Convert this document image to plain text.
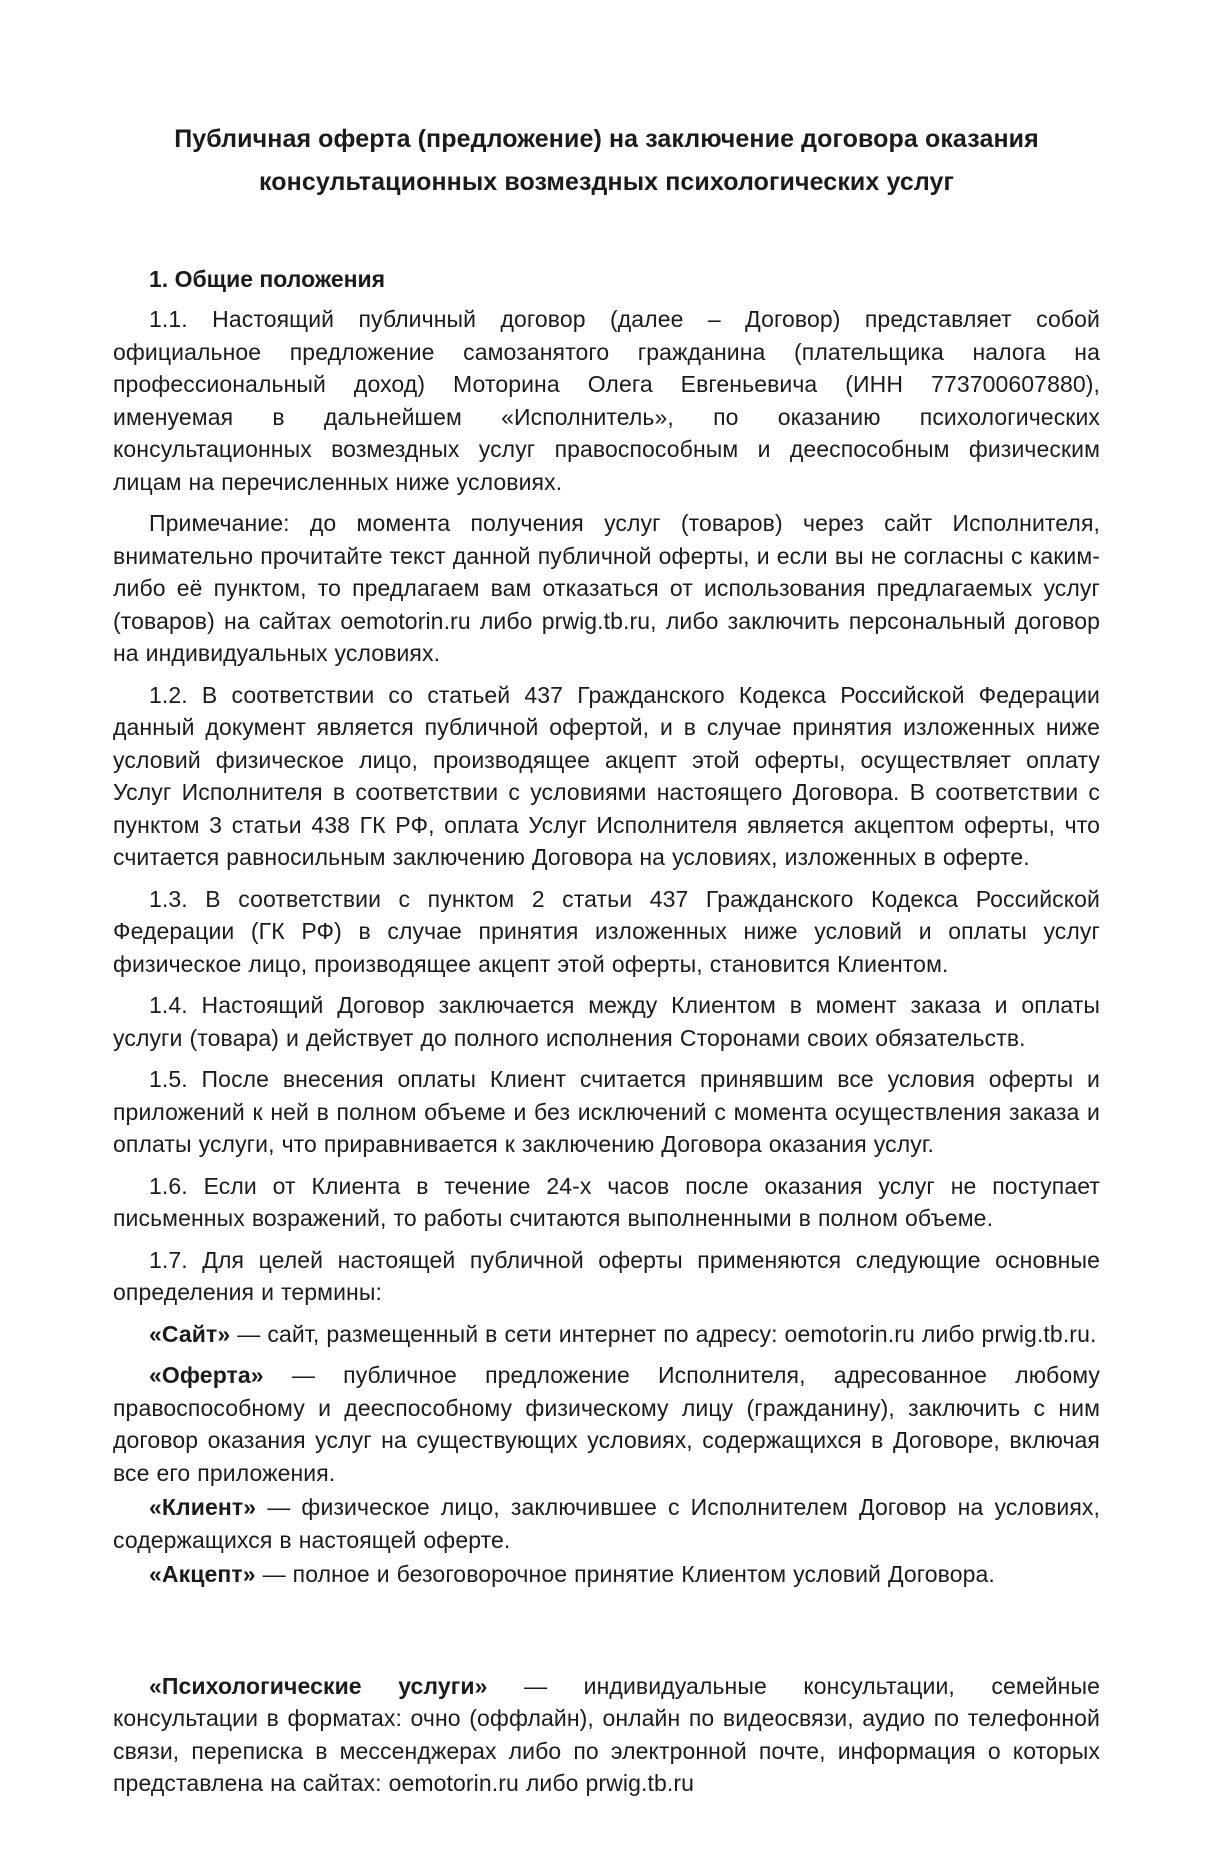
Публичная оферта (предложение) на заключение договора оказания консультационных возмездных психологических услуг
1. Общие положения

1.1. Настоящий публичный договор (далее – Договор) представляет собой официальное предложение самозанятого гражданина (плательщика налога на профессиональный доход) Моторина Олега Евгеньевича (ИНН 773700607880), именуемая в дальнейшем «Исполнитель», по оказанию психологических консультационных возмездных услуг правоспособным и дееспособным физическим лицам на перечисленных ниже условиях.

Примечание: до момента получения услуг (товаров) через сайт Исполнителя, внимательно прочитайте текст данной публичной оферты, и если вы не согласны с каким-либо её пунктом, то предлагаем вам отказаться от использования предлагаемых услуг (товаров) на сайтах oemotorin.ru либо prwig.tb.ru, либо заключить персональный договор на индивидуальных условиях.

1.2. В соответствии со статьей 437 Гражданского Кодекса Российской Федерации данный документ является публичной офертой, и в случае принятия изложенных ниже условий физическое лицо, производящее акцепт этой оферты, осуществляет оплату Услуг Исполнителя в соответствии с условиями настоящего Договора. В соответствии с пунктом 3 статьи 438 ГК РФ, оплата Услуг Исполнителя является акцептом оферты, что считается равносильным заключению Договора на условиях, изложенных в оферте.

1.3. В соответствии с пунктом 2 статьи 437 Гражданского Кодекса Российской Федерации (ГК РФ) в случае принятия изложенных ниже условий и оплаты услуг физическое лицо, производящее акцепт этой оферты, становится Клиентом.

1.4. Настоящий Договор заключается между Клиентом в момент заказа и оплаты услуги (товара) и действует до полного исполнения Сторонами своих обязательств.

1.5. После внесения оплаты Клиент считается принявшим все условия оферты и приложений к ней в полном объеме и без исключений с момента осуществления заказа и оплаты услуги, что приравнивается к заключению Договора оказания услуг.

1.6. Если от Клиента в течение 24-х часов после оказания услуг не поступает письменных возражений, то работы считаются выполненными в полном объеме.

1.7. Для целей настоящей публичной оферты применяются следующие основные определения и термины:

«Сайт» — сайт, размещенный в сети интернет по адресу: oemotorin.ru либо prwig.tb.ru.

«Оферта» — публичное предложение Исполнителя, адресованное любому правоспособному и дееспособному физическому лицу (гражданину), заключить с ним договор оказания услуг на существующих условиях, содержащихся в Договоре, включая все его приложения.

«Клиент» — физическое лицо, заключившее с Исполнителем Договор на условиях, содержащихся в настоящей оферте.

«Акцепт» — полное и безоговорочное принятие Клиентом условий Договора.

«Психологические услуги» — индивидуальные консультации, семейные консультации в форматах: очно (оффлайн), онлайн по видеосвязи, аудио по телефонной связи, переписка в мессенджерах либо по электронной почте, информация о которых представлена на сайтах: oemotorin.ru либо prwig.tb.ru
